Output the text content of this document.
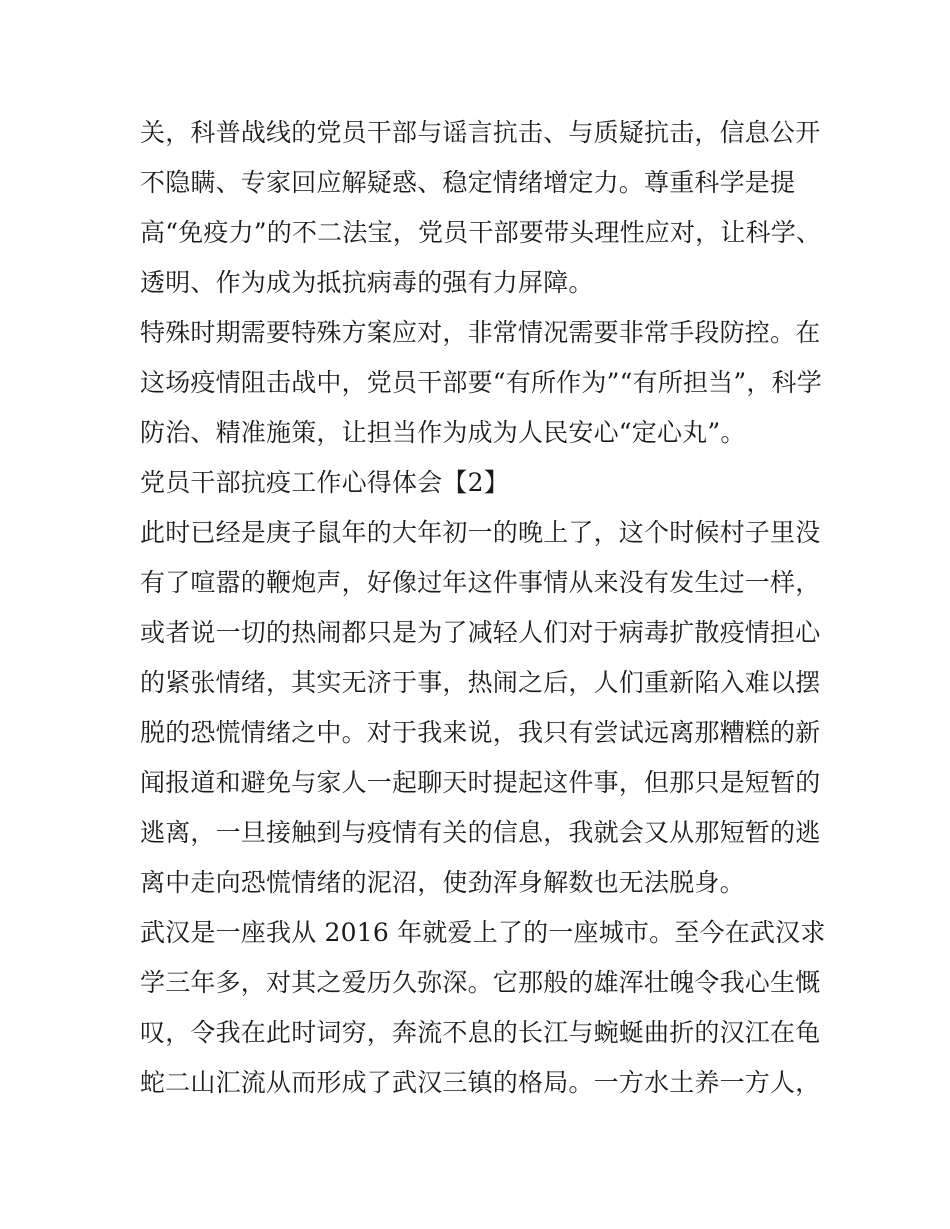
关，科普战线的党员干部与谣言抗击、与质疑抗击，信息公开
不隐瞒、专家回应解疑惑、稳定情绪增定力。尊重科学是提
高“免疫力”的不二法宝，党员干部要带头理性应对，让科学、
透明、作为成为抵抗病毒的强有力屏障。
特殊时期需要特殊方案应对，非常情况需要非常手段防控。在
这场疫情阻击战中，党员干部要“有所作为”“有所担当”，科学
防治、精准施策，让担当作为成为人民安心“定心丸”。
党员干部抗疫工作心得体会【2】
此时已经是庚子鼠年的大年初一的晚上了，这个时候村子里没
有了喧嚣的鞭炮声，好像过年这件事情从来没有发生过一样，
或者说一切的热闹都只是为了减轻人们对于病毒扩散疫情担心
的紧张情绪，其实无济于事，热闹之后，人们重新陷入难以摆
脱的恐慌情绪之中。对于我来说，我只有尝试远离那糟糕的新
闻报道和避免与家人一起聊天时提起这件事，但那只是短暂的
逃离，一旦接触到与疫情有关的信息，我就会又从那短暂的逃
离中走向恐慌情绪的泥沼，使劲浑身解数也无法脱身。
武汉是一座我从 2016 年就爱上了的一座城市。至今在武汉求
学三年多，对其之爱历久弥深。它那般的雄浑壮魄令我心生慨
叹，令我在此时词穷，奔流不息的长江与蜿蜒曲折的汉江在龟
蛇二山汇流从而形成了武汉三镇的格局。一方水土养一方人，
